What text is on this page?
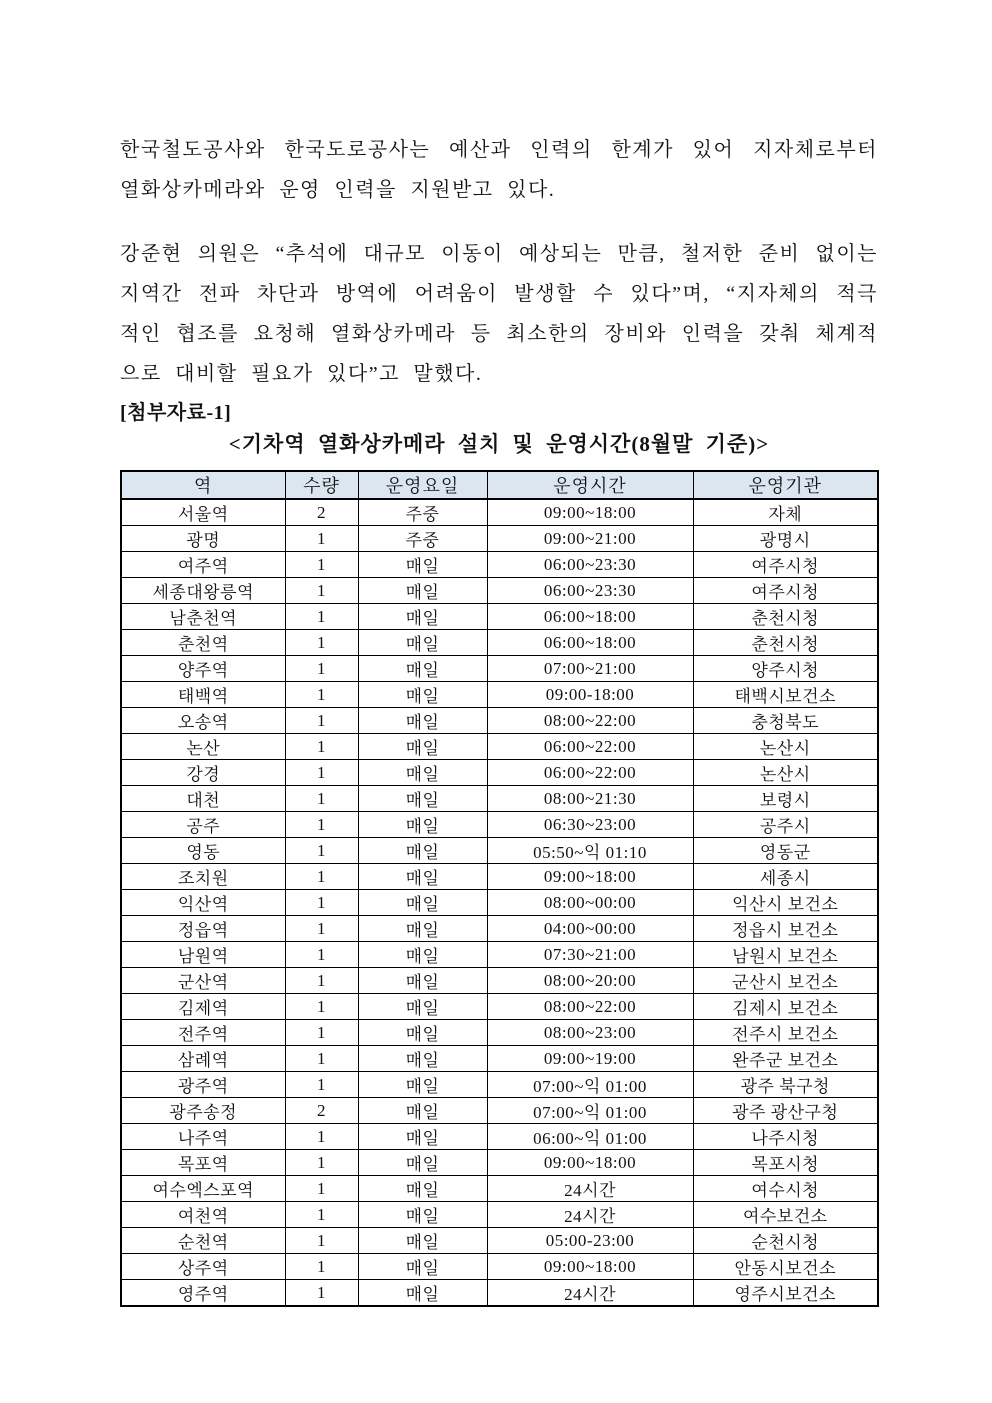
한국철도공사와 한국도로공사는 예산과 인력의 한계가 있어 지자체로부터
열화상카메라와 운영 인력을 지원받고 있다.
강준현 의원은 “추석에 대규모 이동이 예상되는 만큼, 철저한 준비 없이는
지역간 전파 차단과 방역에 어려움이 발생할 수 있다”며, “지자체의 적극
적인 협조를 요청해 열화상카메라 등 최소한의 장비와 인력을 갖춰 체계적
으로 대비할 필요가 있다”고 말했다.
[첨부자료-1]
<기차역 열화상카메라 설치 및 운영시간(8월말 기준)>
역	수량	운영요일	운영시간	운영기관
서울역	2	주중	09:00~18:00	자체
광명	1	주중	09:00~21:00	광명시
여주역	1	매일	06:00~23:30	여주시청
세종대왕릉역	1	매일	06:00~23:30	여주시청
남춘천역	1	매일	06:00~18:00	춘천시청
춘천역	1	매일	06:00~18:00	춘천시청
양주역	1	매일	07:00~21:00	양주시청
태백역	1	매일	09:00-18:00	태백시보건소
오송역	1	매일	08:00~22:00	충청북도
논산	1	매일	06:00~22:00	논산시
강경	1	매일	06:00~22:00	논산시
대천	1	매일	08:00~21:30	보령시
공주	1	매일	06:30~23:00	공주시
영동	1	매일	05:50~익 01:10	영동군
조치원	1	매일	09:00~18:00	세종시
익산역	1	매일	08:00~00:00	익산시 보건소
정읍역	1	매일	04:00~00:00	정읍시 보건소
남원역	1	매일	07:30~21:00	남원시 보건소
군산역	1	매일	08:00~20:00	군산시 보건소
김제역	1	매일	08:00~22:00	김제시 보건소
전주역	1	매일	08:00~23:00	전주시 보건소
삼례역	1	매일	09:00~19:00	완주군 보건소
광주역	1	매일	07:00~익 01:00	광주 북구청
광주송정	2	매일	07:00~익 01:00	광주 광산구청
나주역	1	매일	06:00~익 01:00	나주시청
목포역	1	매일	09:00~18:00	목포시청
여수엑스포역	1	매일	24시간	여수시청
여천역	1	매일	24시간	여수보건소
순천역	1	매일	05:00-23:00	순천시청
상주역	1	매일	09:00~18:00	안동시보건소
영주역	1	매일	24시간	영주시보건소
